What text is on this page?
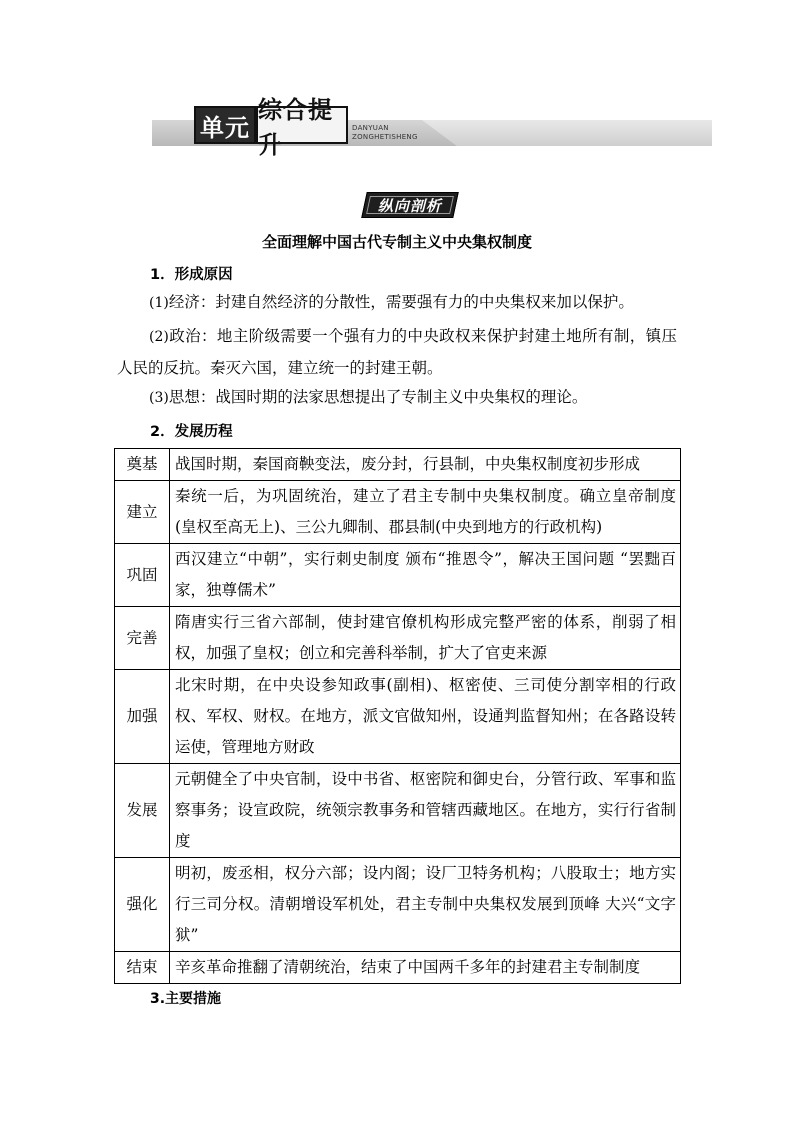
单元
综合提升
DANYUAN
ZONGHETISHENG
纵向剖析
全面理解中国古代专制主义中央集权制度
1．形成原因
(1)经济：封建自然经济的分散性，需要强有力的中央集权来加以保护。
(2)政治：地主阶级需要一个强有力的中央政权来保护封建土地所有制，镇压人民的反抗。秦灭六国，建立统一的封建王朝。
(3)思想：战国时期的法家思想提出了专制主义中央集权的理论。
2．发展历程
奠基	战国时期，秦国商鞅变法，废分封，行县制，中央集权制度初步形成
建立	秦统一后，为巩固统治，建立了君主专制中央集权制度。确立皇帝制度(皇权至高无上)、三公九卿制、郡县制(中央到地方的行政机构)
巩固	西汉建立“中朝”，实行刺史制度 颁布“推恩令”，解决王国问题 “罢黜百家，独尊儒术”
完善	隋唐实行三省六部制，使封建官僚机构形成完整严密的体系，削弱了相权，加强了皇权；创立和完善科举制，扩大了官吏来源
加强	北宋时期，在中央设参知政事(副相)、枢密使、三司使分割宰相的行政权、军权、财权。在地方，派文官做知州，设通判监督知州；在各路设转运使，管理地方财政
发展	元朝健全了中央官制，设中书省、枢密院和御史台，分管行政、军事和监察事务；设宣政院，统领宗教事务和管辖西藏地区。在地方，实行行省制度
强化	明初，废丞相，权分六部；设内阁；设厂卫特务机构；八股取士；地方实行三司分权。清朝增设军机处，君主专制中央集权发展到顶峰 大兴“文字狱”
结束	辛亥革命推翻了清朝统治，结束了中国两千多年的封建君主专制制度
3.主要措施
